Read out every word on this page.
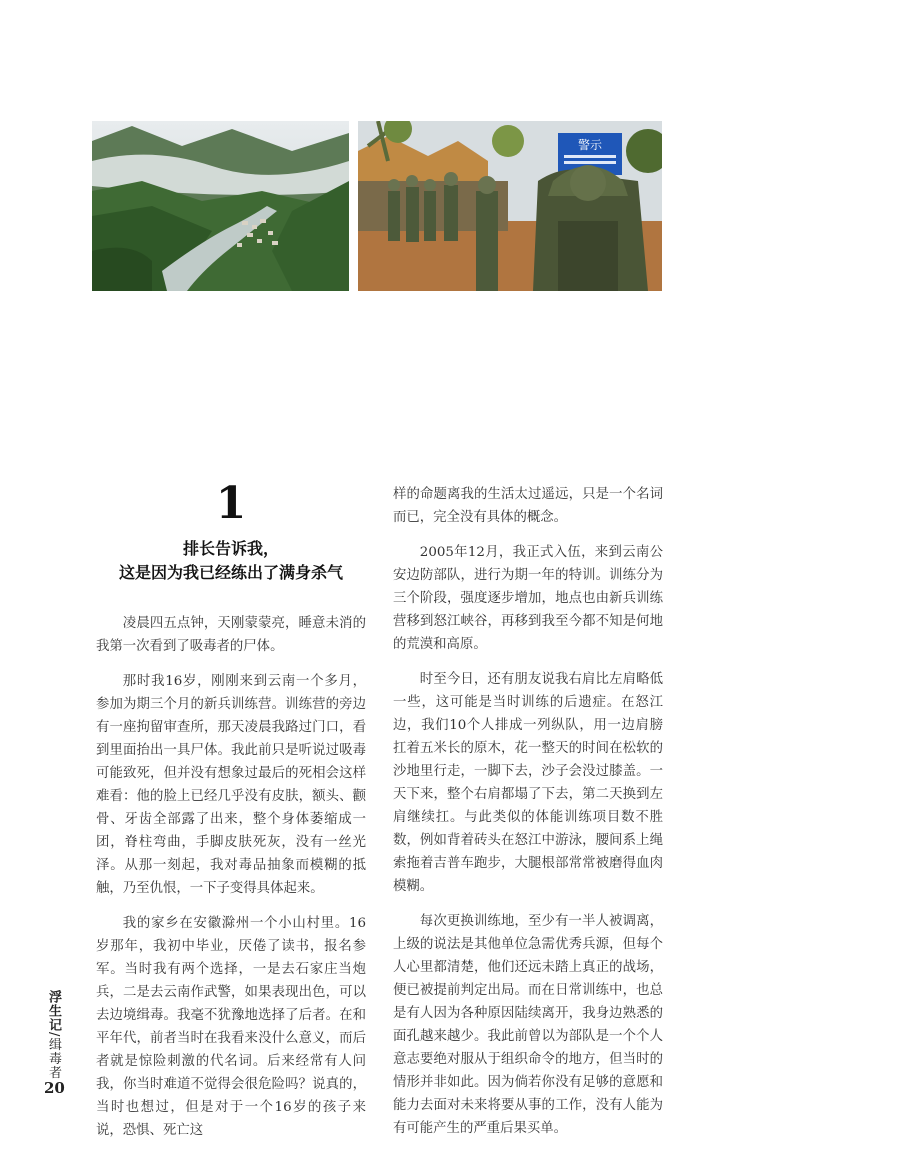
警示
1
排长告诉我，
这是因为我已经练出了满身杀气

凌晨四五点钟，天刚蒙蒙亮，睡意未消的我第一次看到了吸毒者的尸体。

那时我16岁，刚刚来到云南一个多月，参加为期三个月的新兵训练营。训练营的旁边有一座拘留审查所，那天凌晨我路过门口，看到里面抬出一具尸体。我此前只是听说过吸毒可能致死，但并没有想象过最后的死相会这样难看：他的脸上已经几乎没有皮肤，额头、颧骨、牙齿全部露了出来，整个身体萎缩成一团，脊柱弯曲，手脚皮肤死灰，没有一丝光泽。从那一刻起，我对毒品抽象而模糊的抵触，乃至仇恨，一下子变得具体起来。

我的家乡在安徽滁州一个小山村里。16岁那年，我初中毕业，厌倦了读书，报名参军。当时我有两个选择，一是去石家庄当炮兵，二是去云南作武警，如果表现出色，可以去边境缉毒。我毫不犹豫地选择了后者。在和平年代，前者当时在我看来没什么意义，而后者就是惊险刺激的代名词。后来经常有人问我，你当时难道不觉得会很危险吗？说真的，当时也想过，但是对于一个16岁的孩子来说，恐惧、死亡这

样的命题离我的生活太过遥远，只是一个名词而已，完全没有具体的概念。

2005年12月，我正式入伍，来到云南公安边防部队，进行为期一年的特训。训练分为三个阶段，强度逐步增加，地点也由新兵训练营移到怒江峡谷，再移到我至今都不知是何地的荒漠和高原。

时至今日，还有朋友说我右肩比左肩略低一些，这可能是当时训练的后遗症。在怒江边，我们10个人排成一列纵队，用一边肩膀扛着五米长的原木，花一整天的时间在松软的沙地里行走，一脚下去，沙子会没过膝盖。一天下来，整个右肩都塌了下去，第二天换到左肩继续扛。与此类似的体能训练项目数不胜数，例如背着砖头在怒江中游泳，腰间系上绳索拖着吉普车跑步，大腿根部常常被磨得血肉模糊。

每次更换训练地，至少有一半人被调离，上级的说法是其他单位急需优秀兵源，但每个人心里都清楚，他们还远未踏上真正的战场，便已被提前判定出局。而在日常训练中，也总是有人因为各种原因陆续离开，我身边熟悉的面孔越来越少。我此前曾以为部队是一个个人意志要绝对服从于组织命令的地方，但当时的情形并非如此。因为倘若你没有足够的意愿和能力去面对未来将要从事的工作，没有人能为有可能产生的严重后果买单。

浮生记/缉毒者
20
